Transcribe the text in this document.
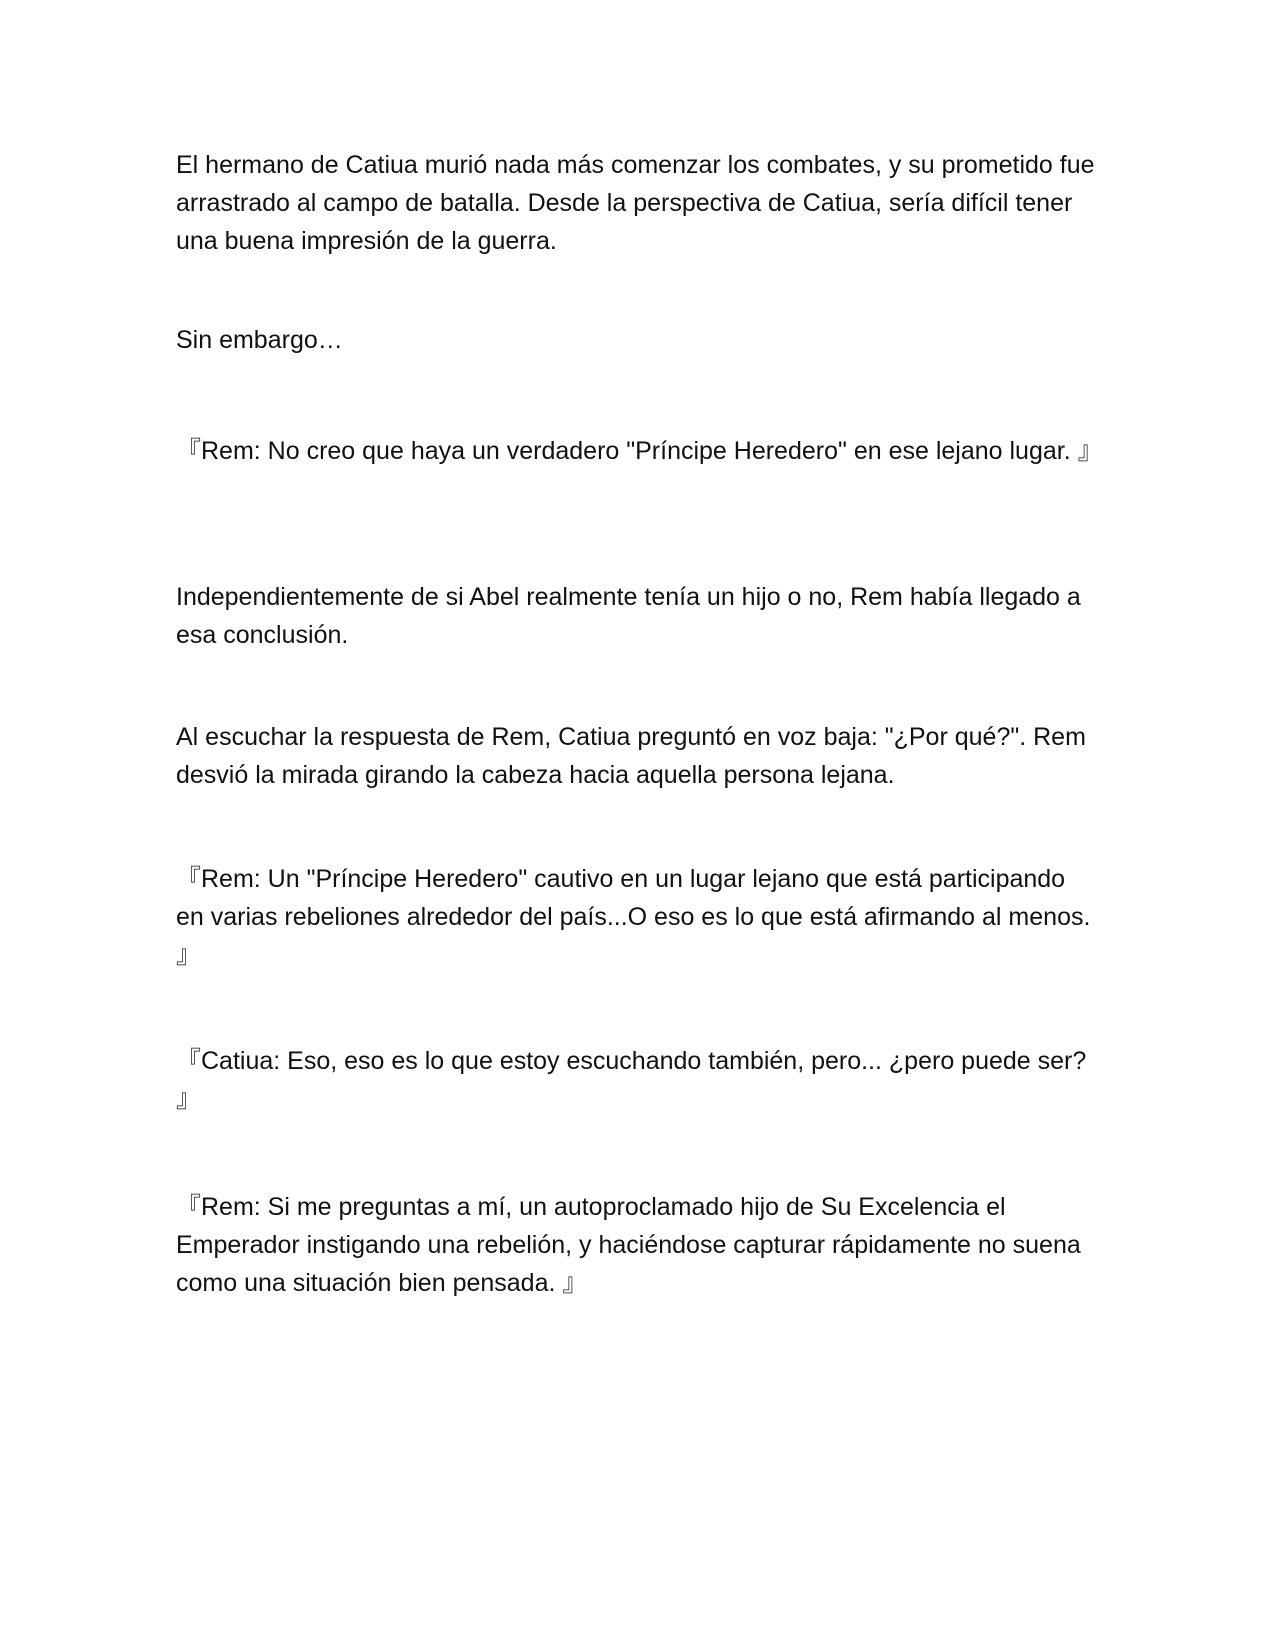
El hermano de Catiua murió nada más comenzar los combates, y su prometido fue arrastrado al campo de batalla. Desde la perspectiva de Catiua, sería difícil tener una buena impresión de la guerra.

Sin embargo…

『Rem: No creo que haya un verdadero "Príncipe Heredero" en ese lejano lugar. 』

Independientemente de si Abel realmente tenía un hijo o no, Rem había llegado a esa conclusión.

Al escuchar la respuesta de Rem, Catiua preguntó en voz baja: "¿Por qué?". Rem desvió la mirada girando la cabeza hacia aquella persona lejana.

『Rem: Un "Príncipe Heredero" cautivo en un lugar lejano que está participando en varias rebeliones alrededor del país...O eso es lo que está afirmando al menos. 』

『Catiua: Eso, eso es lo que estoy escuchando también, pero... ¿pero puede ser? 』

『Rem: Si me preguntas a mí, un autoproclamado hijo de Su Excelencia el Emperador instigando una rebelión, y haciéndose capturar rápidamente no suena como una situación bien pensada. 』
